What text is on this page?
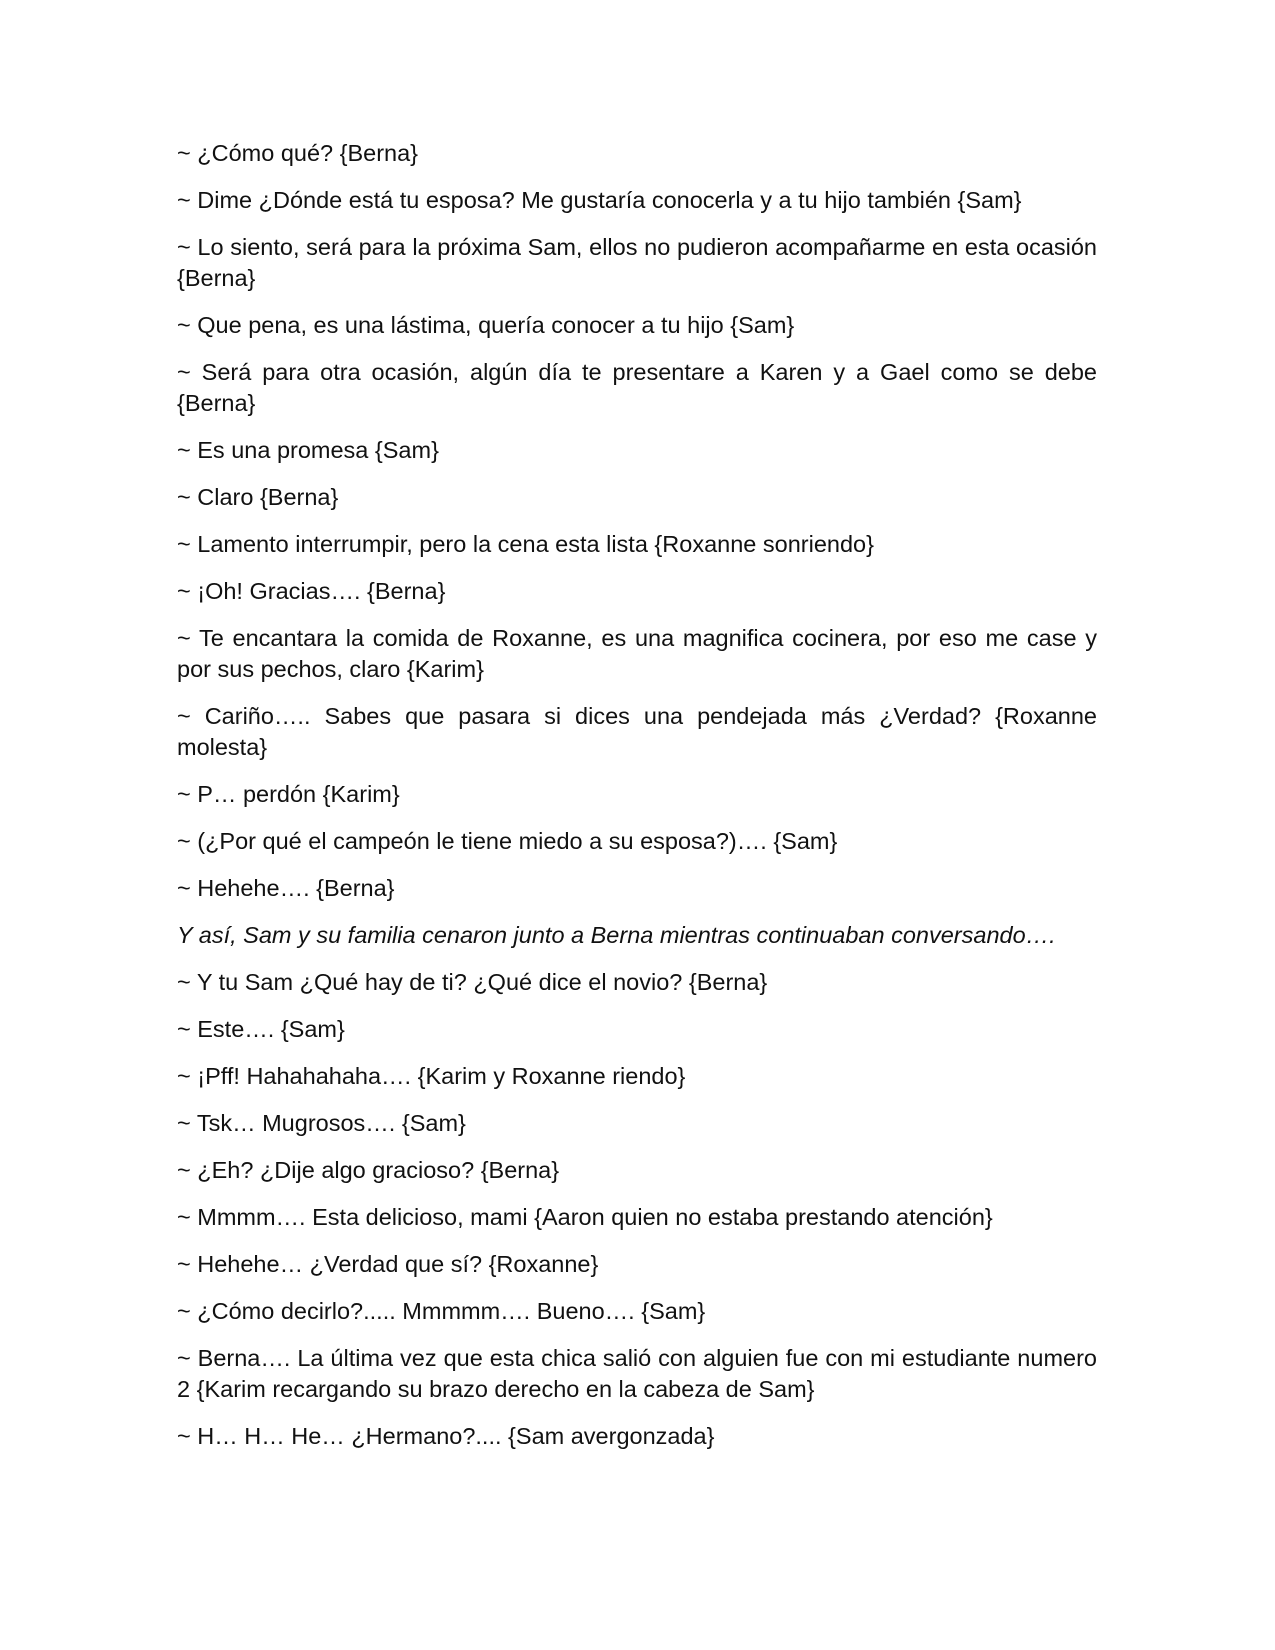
~ ¿Cómo qué? {Berna}

~ Dime ¿Dónde está tu esposa? Me gustaría conocerla y a tu hijo también {Sam}

~ Lo siento, será para la próxima Sam, ellos no pudieron acompañarme en esta ocasión {Berna}

~ Que pena, es una lástima, quería conocer a tu hijo {Sam}

~ Será para otra ocasión, algún día te presentare a Karen y a Gael como se debe {Berna}

~ Es una promesa {Sam}

~ Claro {Berna}

~ Lamento interrumpir, pero la cena esta lista {Roxanne sonriendo}

~ ¡Oh! Gracias…. {Berna}

~ Te encantara la comida de Roxanne, es una magnifica cocinera, por eso me case y por sus pechos, claro {Karim}

~ Cariño….. Sabes que pasara si dices una pendejada más ¿Verdad? {Roxanne molesta}

~ P… perdón {Karim}

~ (¿Por qué el campeón le tiene miedo a su esposa?)…. {Sam}

~ Hehehe…. {Berna}

Y así, Sam y su familia cenaron junto a Berna mientras continuaban conversando….

~ Y tu Sam ¿Qué hay de ti? ¿Qué dice el novio? {Berna}

~ Este…. {Sam}

~ ¡Pff! Hahahahaha…. {Karim y Roxanne riendo}

~ Tsk… Mugrosos…. {Sam}

~ ¿Eh? ¿Dije algo gracioso? {Berna}

~ Mmmm…. Esta delicioso, mami {Aaron quien no estaba prestando atención}

~ Hehehe… ¿Verdad que sí? {Roxanne}

~ ¿Cómo decirlo?..... Mmmmm…. Bueno…. {Sam}

~ Berna…. La última vez que esta chica salió con alguien fue con mi estudiante numero 2 {Karim recargando su brazo derecho en la cabeza de Sam}

~ H… H… He… ¿Hermano?.... {Sam avergonzada}
